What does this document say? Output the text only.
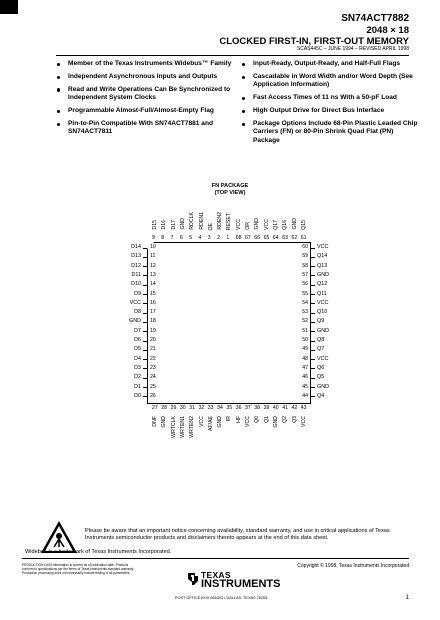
SN74ACT7882
2048 × 18
CLOCKED FIRST-IN, FIRST-OUT MEMORY
SCAS445C – JUNE 1994 – REVISED APRIL 1998
Member of the Texas Instruments Widebus™ Family
Independent Asynchronous Inputs and Outputs
Read and Write Operations Can Be Synchronized to Independent System Clocks
Programmable Almost-Full/Almost-Empty Flag
Pin-to-Pin Compatible With SN74ACT7881 and SN74ACT7811
Input-Ready, Output-Ready, and Half-Full Flags
Cascadable in Word Width and/or Word Depth (See Application Information)
Fast Access Times of 11 ns With a 50-pF Load
High Output Drive for Direct Bus Interface
Package Options Include 68-Pin Plastic Leaded Chip Carriers (FN) or 80-Pin Shrink Quad Flat (PN) Package
FN PACKAGE
(TOP VIEW)
D14 10
D13 11
D12 12
D11 13
D10 14
D9 15
VCC 16
D8 17
GND 18
D7 19
D6 20
D5 21
D4 22
D3 23
D2 24
D1 25
D0 26
60 VCC
59 Q14
58 Q13
57 GND
56 Q12
55 Q11
54 VCC
53 Q10
52 Q9
51 GND
50 Q8
49 Q7
48 VCC
47 Q6
46 Q5
45 GND
44 Q4
D15
9
D16
8
D17
7
GND
6
RDCLK
5
RDEN1
4
OE
3
RDEN2
2
RESET
1
VCC
68
OR
67
GND
66
VCC
65
Q17
64
Q16
63
GND
62
Q15
61
27
DNF
28
GND
29
WRTCLK
30
WRTEN1
31
WRTEN2
32
VCC
33
AF/AE
34
GND
35
IR
36
HF
37
VCC
38
Q0
39
Q1
40
GND
41
Q2
42
Q3
43
VCC
Please be aware that an important notice concerning availability, standard warranty, and use in critical applications of Texas Instruments semiconductor products and disclaimers thereto appears at the end of this data sheet.
Widebus is a trademark of Texas Instruments Incorporated.
PRODUCTION DATA information is current as of publication date. Products conform to specifications per the terms of Texas Instruments standard warranty. Production processing does not necessarily include testing of all parameters.
Copyright © 1998, Texas Instruments Incorporated
TEXAS
INSTRUMENTS
POST OFFICE BOX 655303 • DALLAS, TEXAS 75265	1
